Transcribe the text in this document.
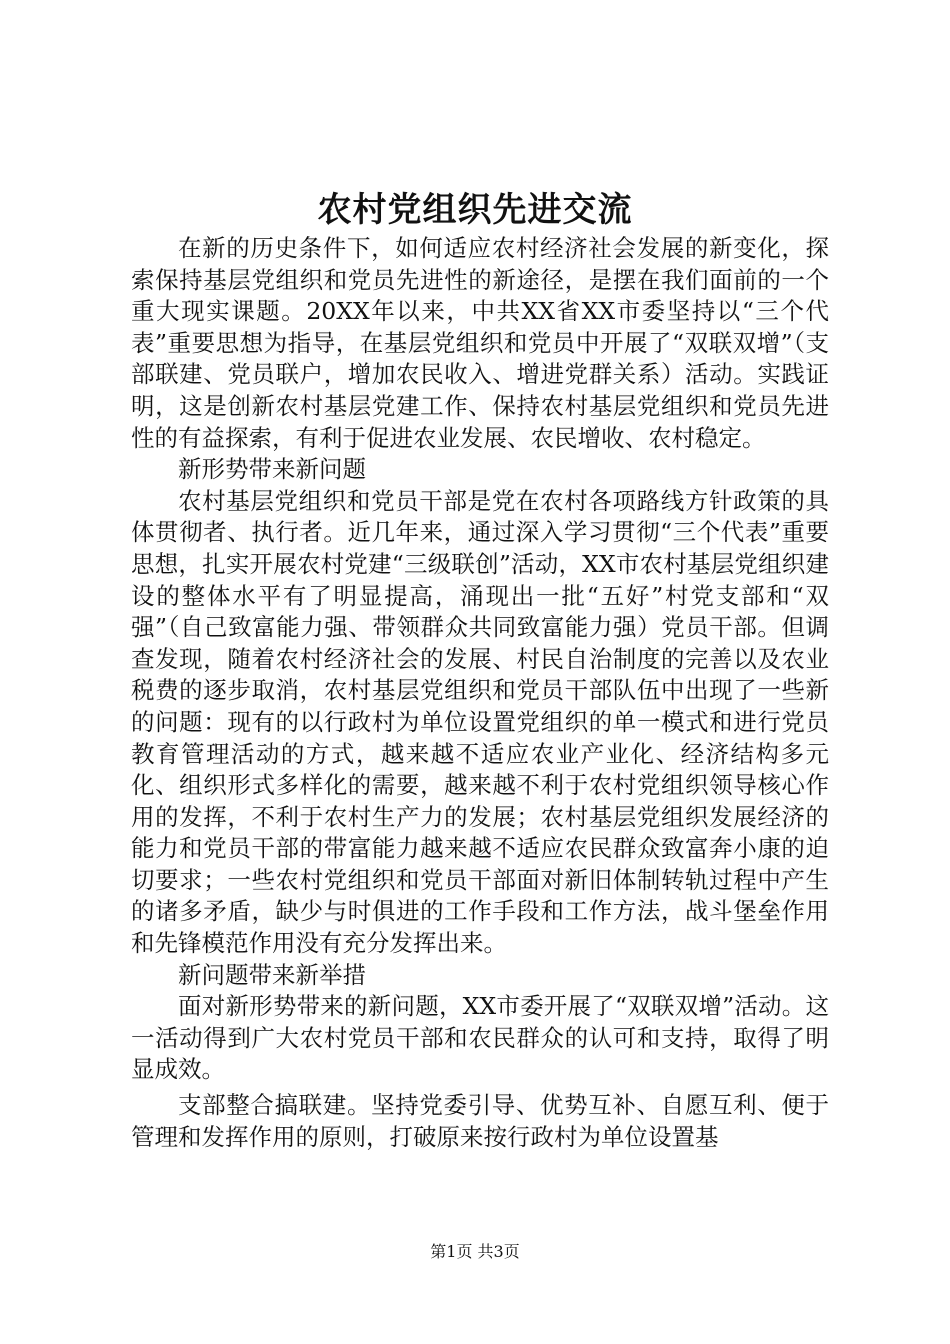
农村党组织先进交流

在新的历史条件下，如何适应农村经济社会发展的新变化，探索保持基层党组织和党员先进性的新途径，是摆在我们面前的一个重大现实课题。20XX年以来，中共XX省XX市委坚持以“三个代表”重要思想为指导，在基层党组织和党员中开展了“双联双增”（支部联建、党员联户，增加农民收入、增进党群关系）活动。实践证明，这是创新农村基层党建工作、保持农村基层党组织和党员先进性的有益探索，有利于促进农业发展、农民增收、农村稳定。

新形势带来新问题

农村基层党组织和党员干部是党在农村各项路线方针政策的具体贯彻者、执行者。近几年来，通过深入学习贯彻“三个代表”重要思想，扎实开展农村党建“三级联创”活动，XX市农村基层党组织建设的整体水平有了明显提高，涌现出一批“五好”村党支部和“双强”（自己致富能力强、带领群众共同致富能力强）党员干部。但调查发现，随着农村经济社会的发展、村民自治制度的完善以及农业税费的逐步取消，农村基层党组织和党员干部队伍中出现了一些新的问题：现有的以行政村为单位设置党组织的单一模式和进行党员教育管理活动的方式，越来越不适应农业产业化、经济结构多元化、组织形式多样化的需要，越来越不利于农村党组织领导核心作用的发挥，不利于农村生产力的发展；农村基层党组织发展经济的能力和党员干部的带富能力越来越不适应农民群众致富奔小康的迫切要求；一些农村党组织和党员干部面对新旧体制转轨过程中产生的诸多矛盾，缺少与时俱进的工作手段和工作方法，战斗堡垒作用和先锋模范作用没有充分发挥出来。

新问题带来新举措

面对新形势带来的新问题，XX市委开展了“双联双增”活动。这一活动得到广大农村党员干部和农民群众的认可和支持，取得了明显成效。

支部整合搞联建。坚持党委引导、优势互补、自愿互利、便于管理和发挥作用的原则，打破原来按行政村为单位设置基

第1页 共3页
